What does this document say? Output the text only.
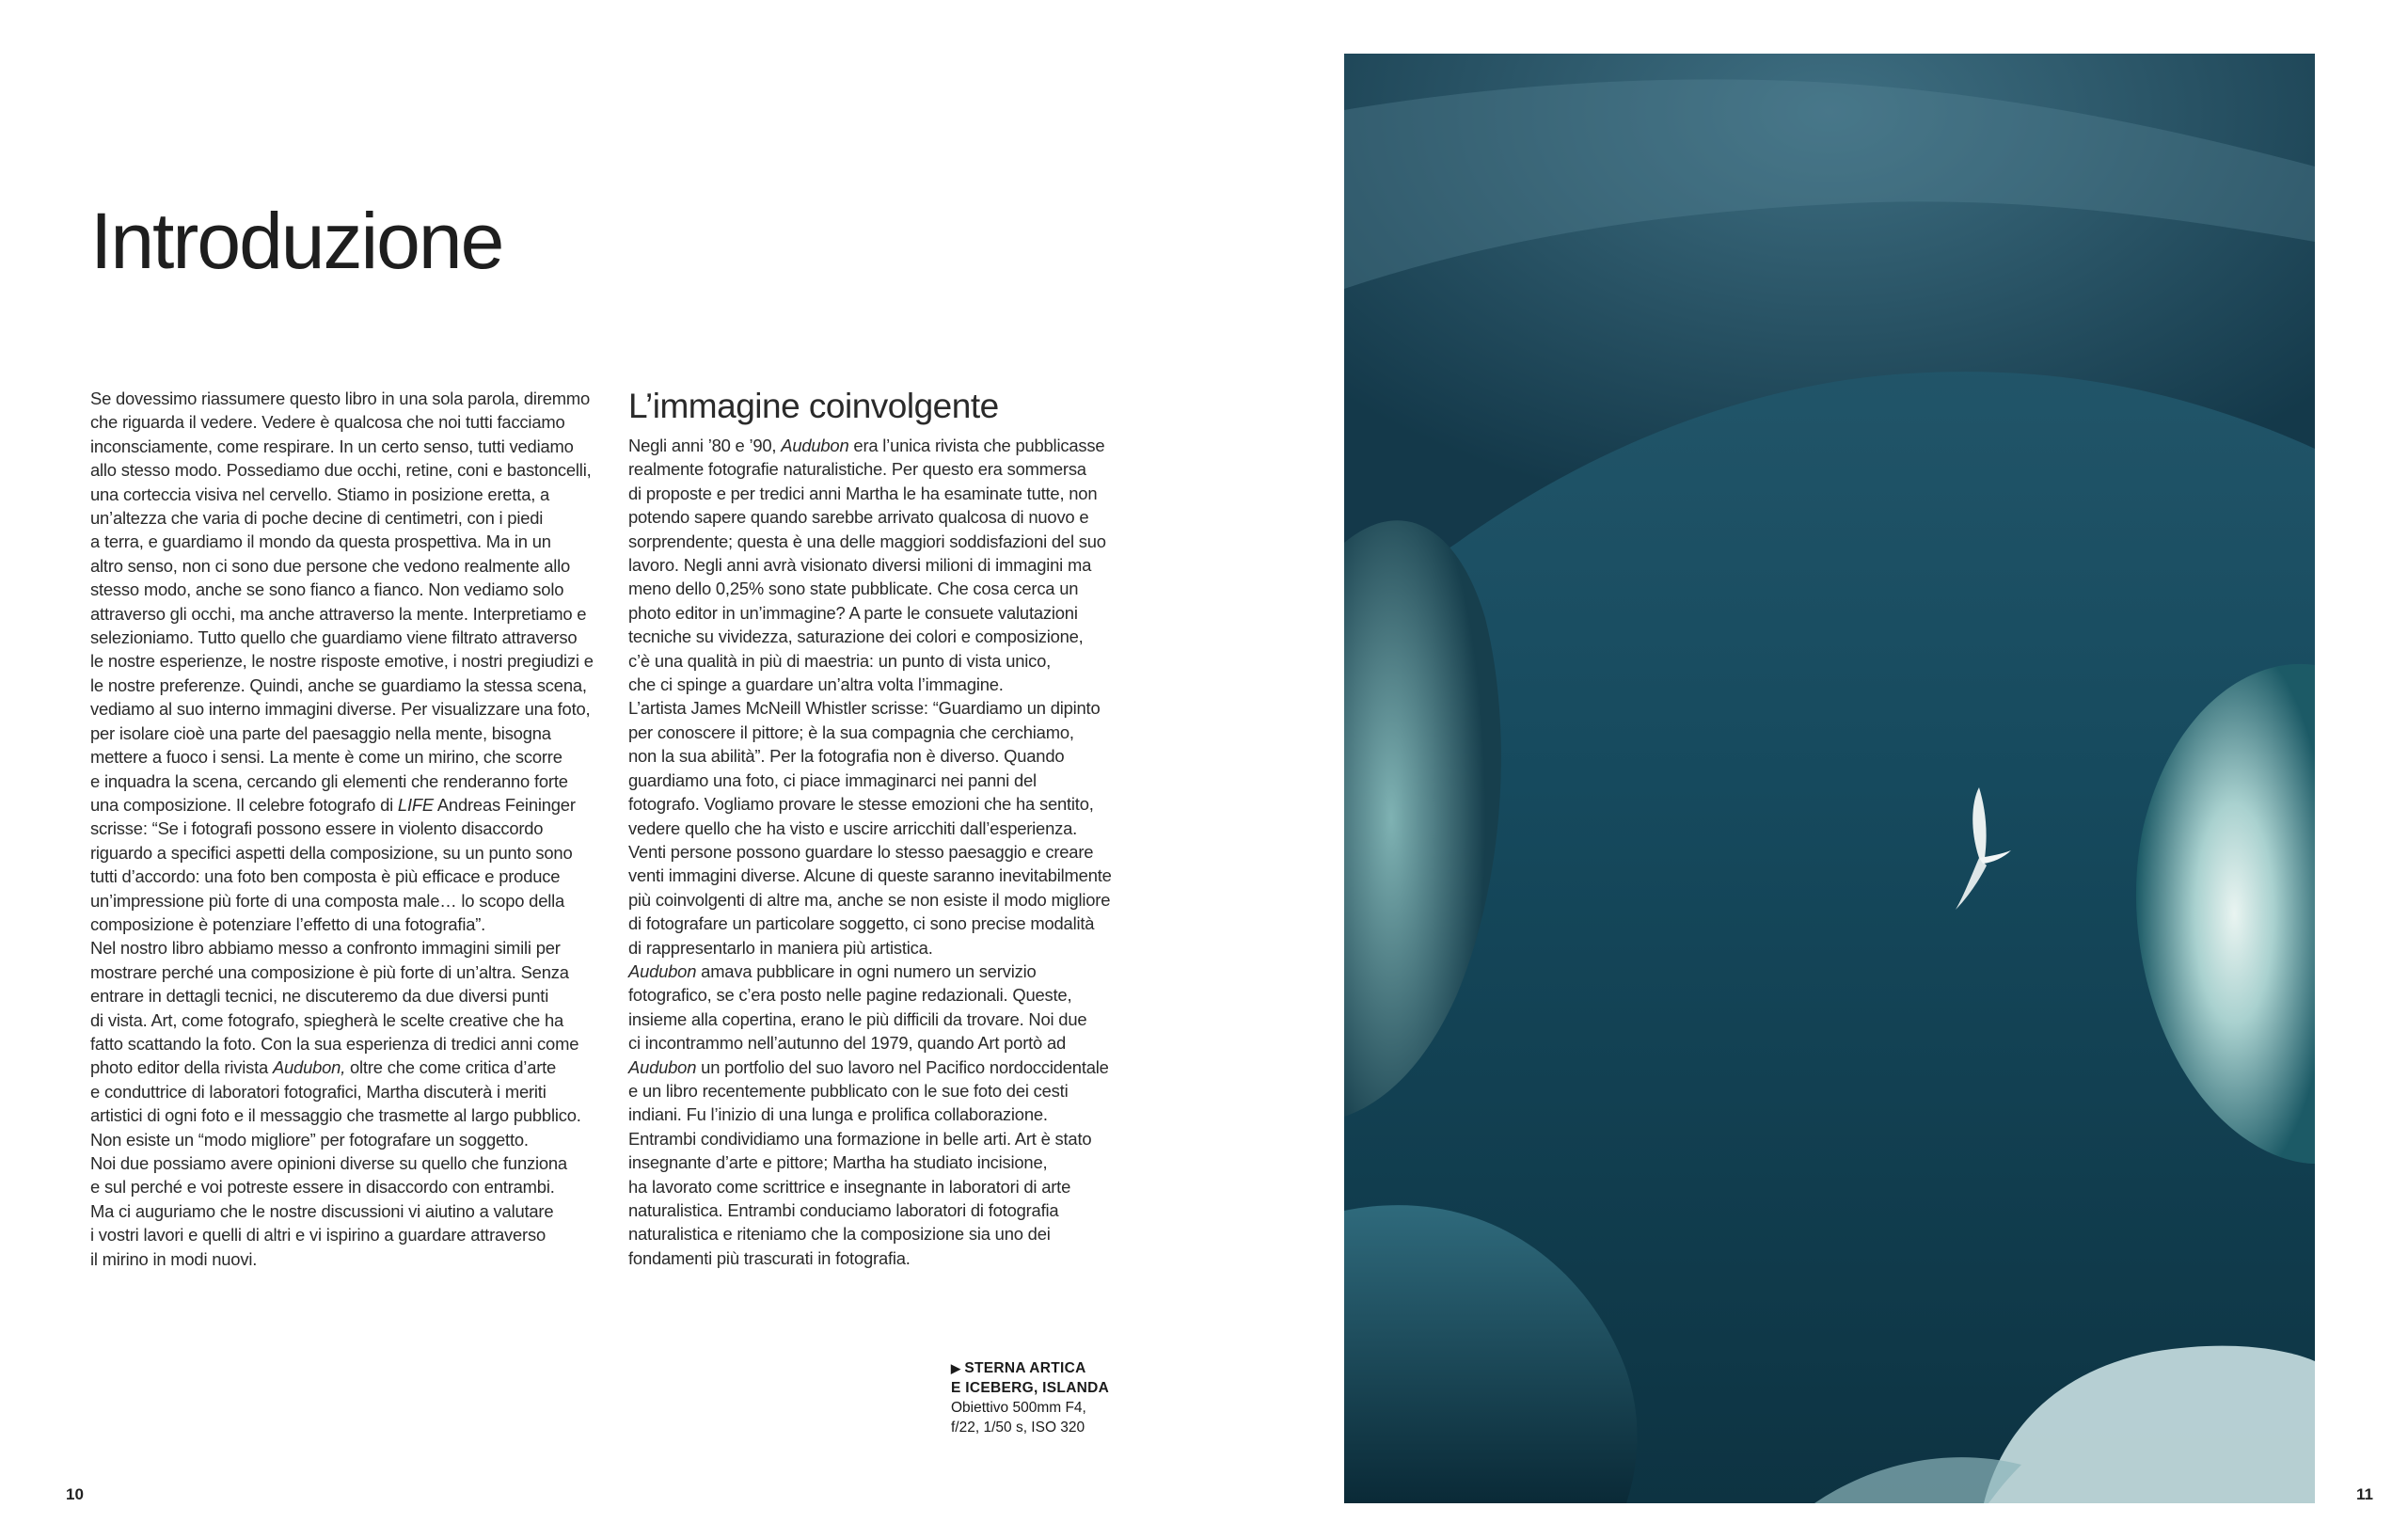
Introduzione

Se dovessimo riassumere questo libro in una sola parola, diremmo

che riguarda il vedere. Vedere è qualcosa che noi tutti facciamo

inconsciamente, come respirare. In un certo senso, tutti vediamo

allo stesso modo. Possediamo due occhi, retine, coni e bastoncelli,

una corteccia visiva nel cervello. Stiamo in posizione eretta, a

un’altezza che varia di poche decine di centimetri, con i piedi

a terra, e guardiamo il mondo da questa prospettiva. Ma in un

altro senso, non ci sono due persone che vedono realmente allo

stesso modo, anche se sono fianco a fianco. Non vediamo solo

attraverso gli occhi, ma anche attraverso la mente. Interpretiamo e

selezioniamo. Tutto quello che guardiamo viene filtrato attraverso

le nostre esperienze, le nostre risposte emotive, i nostri pregiudizi e

le nostre preferenze. Quindi, anche se guardiamo la stessa scena,

vediamo al suo interno immagini diverse. Per visualizzare una foto,

per isolare cioè una parte del paesaggio nella mente, bisogna

mettere a fuoco i sensi. La mente è come un mirino, che scorre

e inquadra la scena, cercando gli elementi che renderanno forte

una composizione. Il celebre fotografo di LIFE Andreas Feininger

scrisse: “Se i fotografi possono essere in violento disaccordo

riguardo a specifici aspetti della composizione, su un punto sono

tutti d’accordo: una foto ben composta è più efficace e produce

un’impressione più forte di una composta male… lo scopo della

composizione è potenziare l’effetto di una fotografia”.

Nel nostro libro abbiamo messo a confronto immagini simili per

mostrare perché una composizione è più forte di un’altra. Senza

entrare in dettagli tecnici, ne discuteremo da due diversi punti

di vista. Art, come fotografo, spiegherà le scelte creative che ha

fatto scattando la foto. Con la sua esperienza di tredici anni come

photo editor della rivista Audubon, oltre che come critica d’arte

e conduttrice di laboratori fotografici, Martha discuterà i meriti

artistici di ogni foto e il messaggio che trasmette al largo pubblico.

Non esiste un “modo migliore” per fotografare un soggetto.

Noi due possiamo avere opinioni diverse su quello che funziona

e sul perché e voi potreste essere in disaccordo con entrambi.

Ma ci auguriamo che le nostre discussioni vi aiutino a valutare

i vostri lavori e quelli di altri e vi ispirino a guardare attraverso

il mirino in modi nuovi.

L’immagine coinvolgente

Negli anni ’80 e ’90, Audubon era l’unica rivista che pubblicasse

realmente fotografie naturalistiche. Per questo era sommersa

di proposte e per tredici anni Martha le ha esaminate tutte, non

potendo sapere quando sarebbe arrivato qualcosa di nuovo e

sorprendente; questa è una delle maggiori soddisfazioni del suo

lavoro. Negli anni avrà visionato diversi milioni di immagini ma

meno dello 0,25% sono state pubblicate. Che cosa cerca un

photo editor in un’immagine? A parte le consuete valutazioni

tecniche su vividezza, saturazione dei colori e composizione,

c’è una qualità in più di maestria: un punto di vista unico,

che ci spinge a guardare un’altra volta l’immagine.

L’artista James McNeill Whistler scrisse: “Guardiamo un dipinto

per conoscere il pittore; è la sua compagnia che cerchiamo,

non la sua abilità”. Per la fotografia non è diverso. Quando

guardiamo una foto, ci piace immaginarci nei panni del

fotografo. Vogliamo provare le stesse emozioni che ha sentito,

vedere quello che ha visto e uscire arricchiti dall’esperienza.

Venti persone possono guardare lo stesso paesaggio e creare

venti immagini diverse. Alcune di queste saranno inevitabilmente

più coinvolgenti di altre ma, anche se non esiste il modo migliore

di fotografare un particolare soggetto, ci sono precise modalità

di rappresentarlo in maniera più artistica.

Audubon amava pubblicare in ogni numero un servizio

fotografico, se c’era posto nelle pagine redazionali. Queste,

insieme alla copertina, erano le più difficili da trovare. Noi due

ci incontrammo nell’autunno del 1979, quando Art portò ad

Audubon un portfolio del suo lavoro nel Pacifico nordoccidentale

e un libro recentemente pubblicato con le sue foto dei cesti

indiani. Fu l’inizio di una lunga e prolifica collaborazione.

Entrambi condividiamo una formazione in belle arti. Art è stato

insegnante d’arte e pittore; Martha ha studiato incisione,

ha lavorato come scrittrice e insegnante in laboratori di arte

naturalistica. Entrambi conduciamo laboratori di fotografia

naturalistica e riteniamo che la composizione sia uno dei

fondamenti più trascurati in fotografia.

▶ STERNA ARTICA
E ICEBERG, ISLANDA
Obiettivo 500mm F4,
f/22, 1/50 s, ISO 320
10	11
